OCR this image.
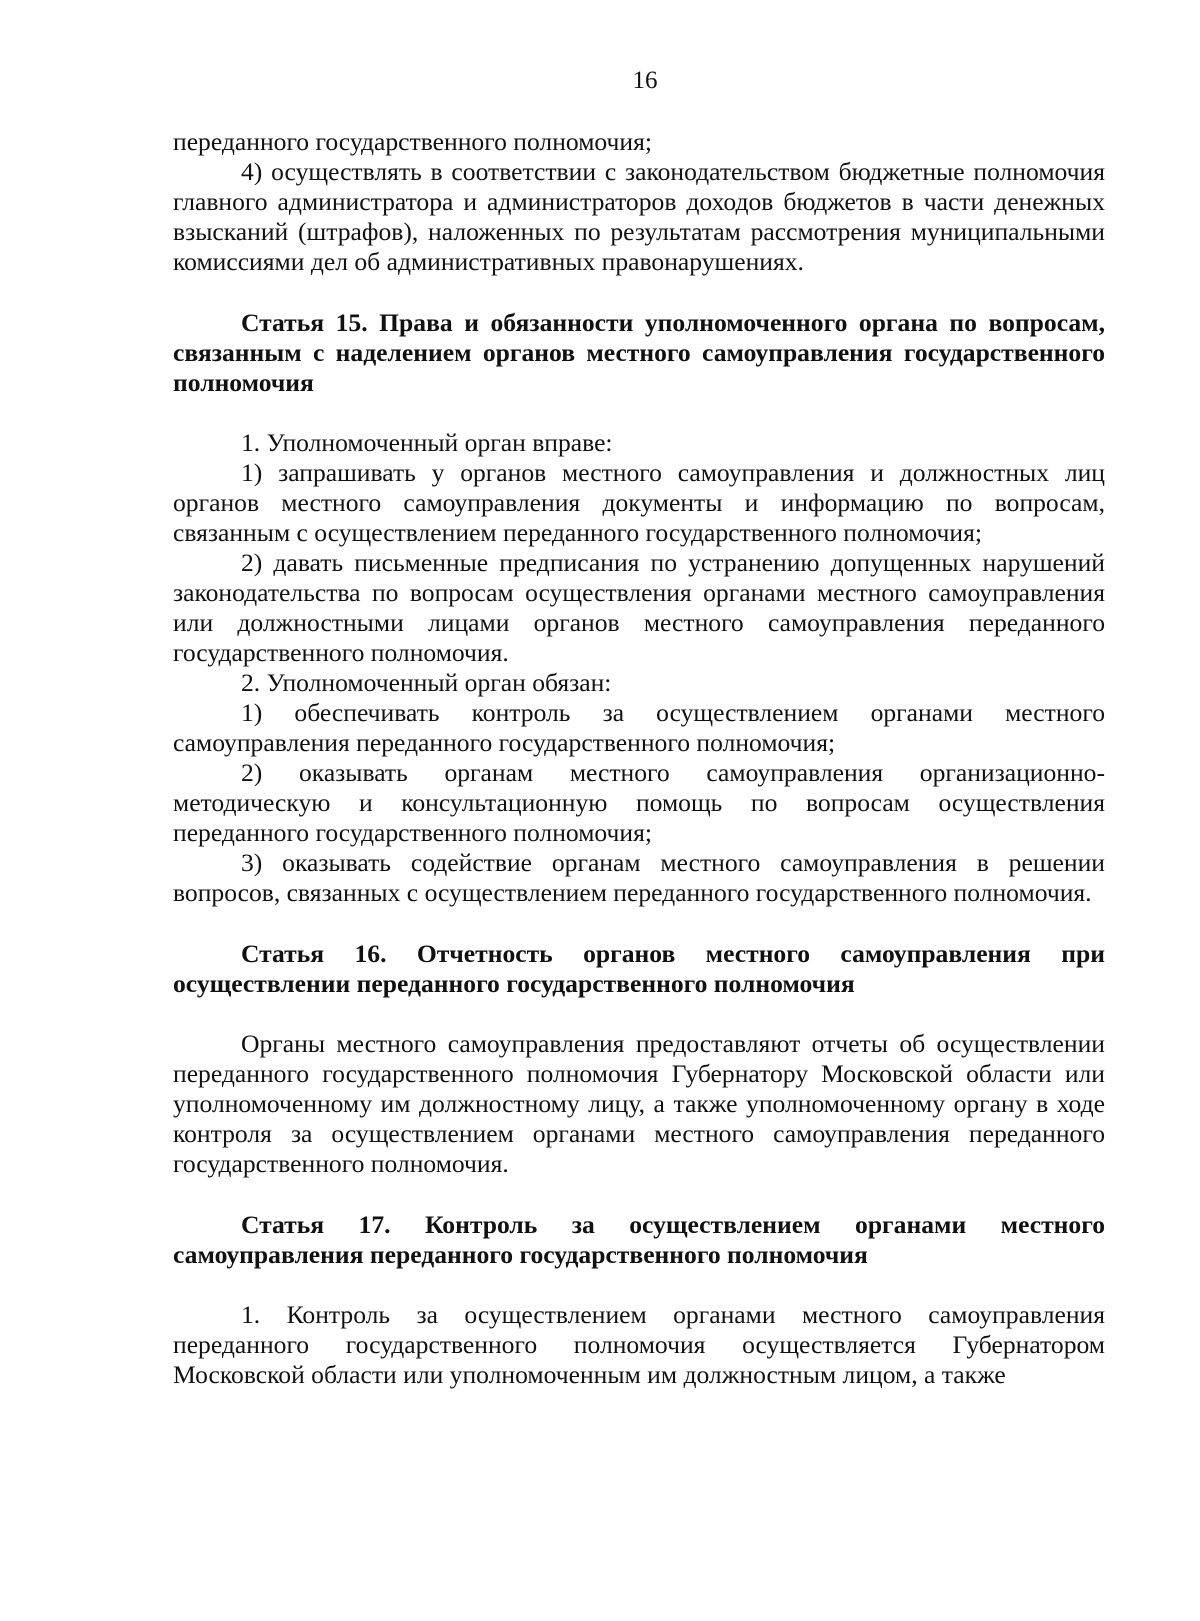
16

переданного государственного полномочия;

4) осуществлять в соответствии с законодательством бюджетные полномочия главного администратора и администраторов доходов бюджетов в части денежных взысканий (штрафов), наложенных по результатам рассмотрения муниципальными комиссиями дел об административных правонарушениях.

Статья 15. Права и обязанности уполномоченного органа по вопросам, связанным с наделением органов местного самоуправления государственного полномочия

1. Уполномоченный орган вправе:

1) запрашивать у органов местного самоуправления и должностных лиц органов местного самоуправления документы и информацию по вопросам, связанным с осуществлением переданного государственного полномочия;

2) давать письменные предписания по устранению допущенных нарушений законодательства по вопросам осуществления органами местного самоуправления или должностными лицами органов местного самоуправления переданного государственного полномочия.

2. Уполномоченный орган обязан:

1) обеспечивать контроль за осуществлением органами местного самоуправления переданного государственного полномочия;

2) оказывать органам местного самоуправления организационно-методическую и консультационную помощь по вопросам осуществления переданного государственного полномочия;

3) оказывать содействие органам местного самоуправления в решении вопросов, связанных с осуществлением переданного государственного полномочия.

Статья 16. Отчетность органов местного самоуправления при осуществлении переданного государственного полномочия

Органы местного самоуправления предоставляют отчеты об осуществлении переданного государственного полномочия Губернатору Московской области или уполномоченному им должностному лицу, а также уполномоченному органу в ходе контроля за осуществлением органами местного самоуправления переданного государственного полномочия.

Статья 17. Контроль за осуществлением органами местного самоуправления переданного государственного полномочия

1. Контроль за осуществлением органами местного самоуправления переданного государственного полномочия осуществляется Губернатором Московской области или уполномоченным им должностным лицом, а также
